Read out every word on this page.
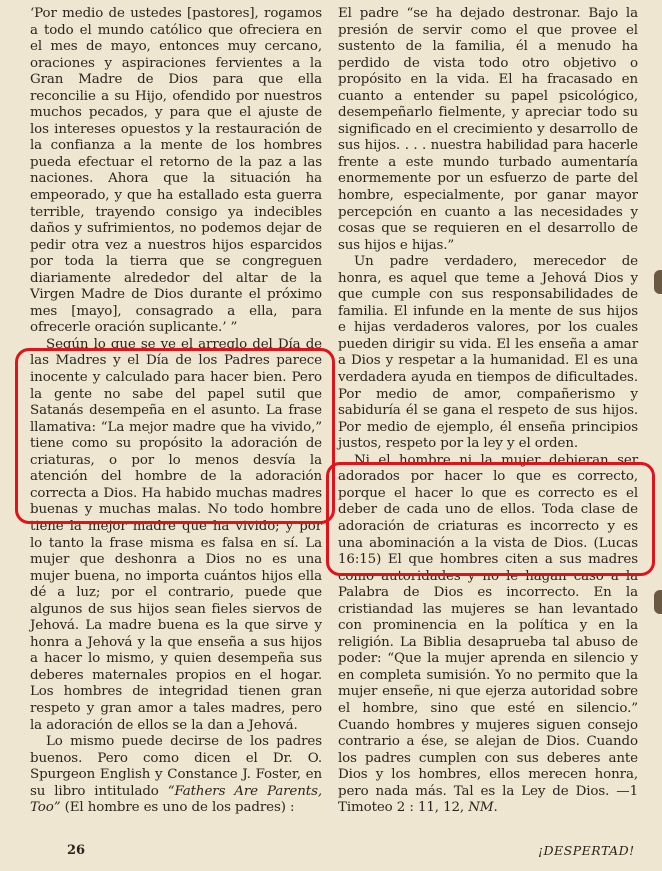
‘Por medio de ustedes [pastores], rogamos a todo el mundo católico que ofreciera en el mes de mayo, entonces muy cercano, oraciones y aspiraciones fervientes a la Gran Madre de Dios para que ella reconcilie a su Hijo, ofendido por nuestros muchos pecados, y para que el ajuste de los intereses opuestos y la restauración de la confianza a la mente de los hombres pueda efectuar el retorno de la paz a las naciones. Ahora que la situación ha empeorado, y que ha estallado esta guerra terrible, trayendo consigo ya indecibles daños y sufrimientos, no podemos dejar de pedir otra vez a nuestros hijos esparcidos por toda la tierra que se congreguen diariamente alrededor del altar de la Virgen Madre de Dios durante el próximo mes [mayo], consagrado a ella, para ofrecerle oración suplicante.’ ”

Según lo que se ve el arreglo del Día de las Madres y el Día de los Padres parece inocente y calculado para hacer bien. Pero la gente no sabe del papel sutil que Satanás desempeña en el asunto. La frase llamativa: “La mejor madre que ha vivido,” tiene como su propósito la adoración de criaturas, o por lo menos desvía la atención del hombre de la adoración correcta a Dios. Ha habido muchas madres buenas y muchas malas. No todo hombre tiene la mejor madre que ha vivido; y por lo tanto la frase misma es falsa en sí. La mujer que deshonra a Dios no es una mujer buena, no importa cuántos hijos ella dé a luz; por el contrario, puede que algunos de sus hijos sean fieles siervos de Jehová. La madre buena es la que sirve y honra a Jehová y la que enseña a sus hijos a hacer lo mismo, y quien desempeña sus deberes maternales propios en el hogar. Los hombres de integridad tienen gran respeto y gran amor a tales madres, pero la adoración de ellos se la dan a Jehová.

Lo mismo puede decirse de los padres buenos. Pero como dicen el Dr. O. Spurgeon English y Constance J. Foster, en su libro intitulado “Fathers Are Parents, Too” (El hombre es uno de los padres) :

El padre “se ha dejado destronar. Bajo la presión de servir como el que provee el sustento de la familia, él a menudo ha perdido de vista todo otro objetivo o propósito en la vida. El ha fracasado en cuanto a entender su papel psicológico, desempeñarlo fielmente, y apreciar todo su significado en el crecimiento y desarrollo de sus hijos. . . . nuestra habilidad para hacerle frente a este mundo turbado aumentaría enormemente por un esfuerzo de parte del hombre, especialmente, por ganar mayor percepción en cuanto a las necesidades y cosas que se requieren en el desarrollo de sus hijos e hijas.”

Un padre verdadero, merecedor de honra, es aquel que teme a Jehová Dios y que cumple con sus responsabilidades de familia. El infunde en la mente de sus hijos e hijas verdaderos valores, por los cuales pueden dirigir su vida. El les enseña a amar a Dios y respetar a la humanidad. El es una verdadera ayuda en tiempos de dificultades. Por medio de amor, compañerismo y sabiduría él se gana el respeto de sus hijos. Por medio de ejemplo, él enseña principios justos, respeto por la ley y el orden.

Ni el hombre ni la mujer debieran ser adorados por hacer lo que es correcto, porque el hacer lo que es correcto es el deber de cada uno de ellos. Toda clase de adoración de criaturas es incorrecto y es una abominación a la vista de Dios. (Lucas 16:15) El que hombres citen a sus madres como autoridades y no le hagan caso a la Palabra de Dios es incorrecto. En la cristiandad las mujeres se han levantado con prominencia en la política y en la religión. La Biblia desaprueba tal abuso de poder: “Que la mujer aprenda en silencio y en completa sumisión. Yo no permito que la mujer enseñe, ni que ejerza autoridad sobre el hombre, sino que esté en silencio.” Cuando hombres y mujeres siguen consejo contrario a ése, se alejan de Dios. Cuando los padres cumplen con sus deberes ante Dios y los hombres, ellos merecen honra, pero nada más. Tal es la Ley de Dios. —1 Timoteo 2 : 11, 12, NM.

26	¡DESPERTAD!
